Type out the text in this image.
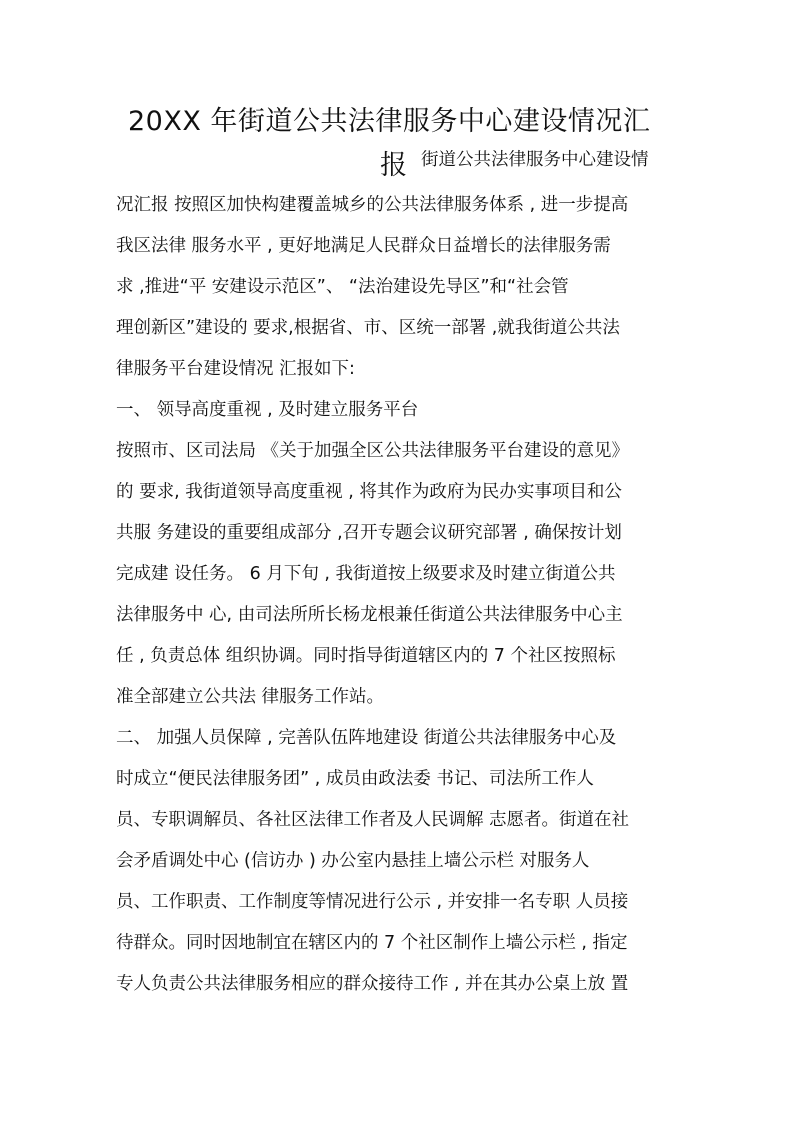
20XX 年街道公共法律服务中心建设情况汇
报 街道公共法律服务中心建设情
况汇报 按照区加快构建覆盖城乡的公共法律服务体系 , 进一步提高
我区法律 服务水平 , 更好地满足人民群众日益增长的法律服务需
求 ,推进“平 安建设示范区”、 “法治建设先导区”和“社会管
理创新区”建设的 要求,根据省、市、区统一部署 ,就我街道公共法
律服务平台建设情况 汇报如下:
一、 领导高度重视 , 及时建立服务平台
按照市、区司法局 《关于加强全区公共法律服务平台建设的意见》
的 要求, 我街道领导高度重视 , 将其作为政府为民办实事项目和公
共服 务建设的重要组成部分 ,召开专题会议研究部署 , 确保按计划
完成建 设任务。 6 月下旬 , 我街道按上级要求及时建立街道公共
法律服务中 心, 由司法所所长杨龙根兼任街道公共法律服务中心主
任 , 负责总体 组织协调。同时指导街道辖区内的 7 个社区按照标
准全部建立公共法 律服务工作站。
二、 加强人员保障 , 完善队伍阵地建设 街道公共法律服务中心及
时成立“便民法律服务团” , 成员由政法委 书记、司法所工作人
员、专职调解员、各社区法律工作者及人民调解 志愿者。街道在社
会矛盾调处中心 (信访办 ) 办公室内悬挂上墙公示栏 对服务人
员、工作职责、工作制度等情况进行公示 , 并安排一名专职 人员接
待群众。同时因地制宜在辖区内的 7 个社区制作上墙公示栏 , 指定
专人负责公共法律服务相应的群众接待工作 , 并在其办公桌上放 置
